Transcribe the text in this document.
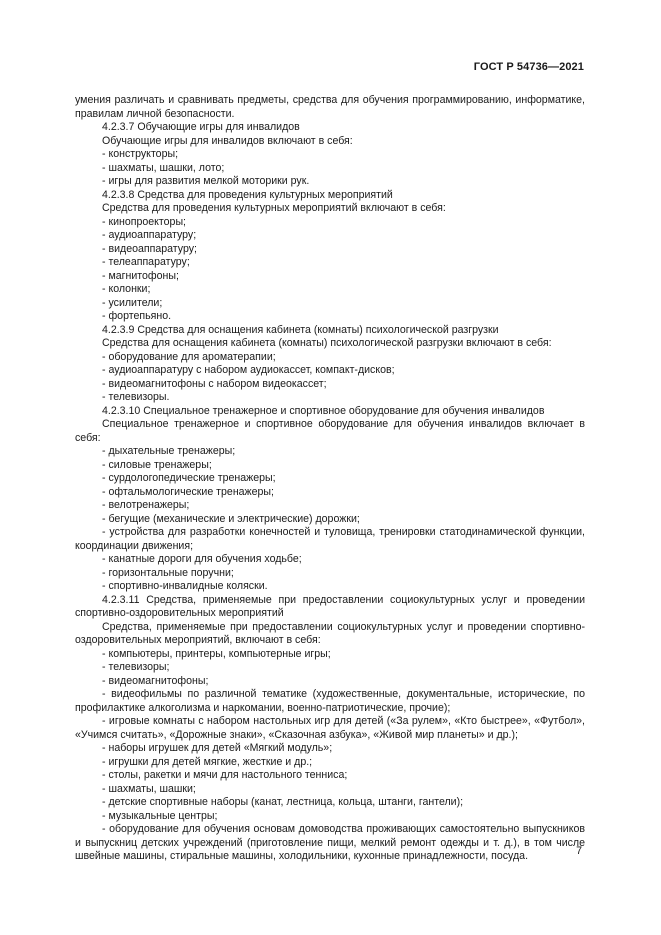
ГОСТ Р 54736—2021

умения различать и сравнивать предметы, средства для обучения программированию, информатике, правилам личной безопасности.

4.2.3.7 Обучающие игры для инвалидов

Обучающие игры для инвалидов включают в себя:

- конструкторы;

- шахматы, шашки, лото;

- игры для развития мелкой моторики рук.

4.2.3.8 Средства для проведения культурных мероприятий

Средства для проведения культурных мероприятий включают в себя:

- кинопроекторы;

- аудиоаппаратуру;

- видеоаппаратуру;

- телеаппаратуру;

- магнитофоны;

- колонки;

- усилители;

- фортепьяно.

4.2.3.9 Средства для оснащения кабинета (комнаты) психологической разгрузки

Средства для оснащения кабинета (комнаты) психологической разгрузки включают в себя:

- оборудование для ароматерапии;

- аудиоаппаратуру с набором аудиокассет, компакт-дисков;

- видеомагнитофоны с набором видеокассет;

- телевизоры.

4.2.3.10 Специальное тренажерное и спортивное оборудование для обучения инвалидов

Специальное тренажерное и спортивное оборудование для обучения инвалидов включает в себя:

- дыхательные тренажеры;

- силовые тренажеры;

- сурдологопедические тренажеры;

- офтальмологические тренажеры;

- велотренажеры;

- бегущие (механические и электрические) дорожки;

- устройства для разработки конечностей и туловища, тренировки статодинамической функции, координации движения;

- канатные дороги для обучения ходьбе;

- горизонтальные поручни;

- спортивно-инвалидные коляски.

4.2.3.11 Средства, применяемые при предоставлении социокультурных услуг и проведении спортивно-оздоровительных мероприятий

Средства, применяемые при предоставлении социокультурных услуг и проведении спортивно-оздоровительных мероприятий, включают в себя:

- компьютеры, принтеры, компьютерные игры;

- телевизоры;

- видеомагнитофоны;

- видеофильмы по различной тематике (художественные, документальные, исторические, по профилактике алкоголизма и наркомании, военно-патриотические, прочие);

- игровые комнаты с набором настольных игр для детей («За рулем», «Кто быстрее», «Футбол», «Учимся считать», «Дорожные знаки», «Сказочная азбука», «Живой мир планеты» и др.);

- наборы игрушек для детей «Мягкий модуль»;

- игрушки для детей мягкие, жесткие и др.;

- столы, ракетки и мячи для настольного тенниса;

- шахматы, шашки;

- детские спортивные наборы (канат, лестница, кольца, штанги, гантели);

- музыкальные центры;

- оборудование для обучения основам домоводства проживающих самостоятельно выпускников и выпускниц детских учреждений (приготовление пищи, мелкий ремонт одежды и т. д.), в том числе швейные машины, стиральные машины, холодильники, кухонные принадлежности, посуда.	7
